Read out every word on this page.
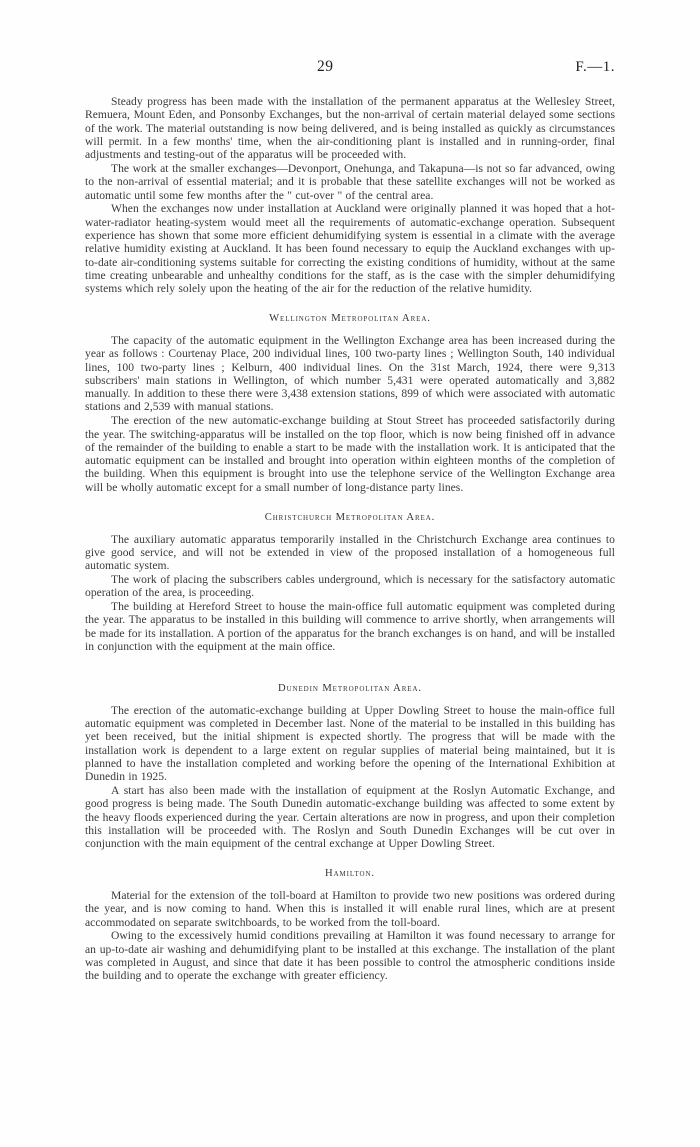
29	F.—1.

Steady progress has been made with the installation of the permanent apparatus at the Wellesley Street, Remuera, Mount Eden, and Ponsonby Exchanges, but the non-arrival of certain material delayed some sections of the work. The material outstanding is now being delivered, and is being installed as quickly as circumstances will permit. In a few months' time, when the air-conditioning plant is installed and in running-order, final adjustments and testing-out of the apparatus will be proceeded with.

The work at the smaller exchanges—Devonport, Onehunga, and Takapuna—is not so far advanced, owing to the non-arrival of essential material; and it is probable that these satellite exchanges will not be worked as automatic until some few months after the " cut-over " of the central area.

When the exchanges now under installation at Auckland were originally planned it was hoped that a hot-water-radiator heating-system would meet all the requirements of automatic-exchange operation. Subsequent experience has shown that some more efficient dehumidifying system is essential in a climate with the average relative humidity existing at Auckland. It has been found necessary to equip the Auckland exchanges with up-to-date air-conditioning systems suitable for correcting the existing conditions of humidity, without at the same time creating unbearable and unhealthy conditions for the staff, as is the case with the simpler dehumidifying systems which rely solely upon the heating of the air for the reduction of the relative humidity.

Wellington Metropolitan Area.

The capacity of the automatic equipment in the Wellington Exchange area has been increased during the year as follows : Courtenay Place, 200 individual lines, 100 two-party lines ; Wellington South, 140 individual lines, 100 two-party lines ; Kelburn, 400 individual lines. On the 31st March, 1924, there were 9,313 subscribers' main stations in Wellington, of which number 5,431 were operated automatically and 3,882 manually. In addition to these there were 3,438 extension stations, 899 of which were associated with automatic stations and 2,539 with manual stations.

The erection of the new automatic-exchange building at Stout Street has proceeded satisfactorily during the year. The switching-apparatus will be installed on the top floor, which is now being finished off in advance of the remainder of the building to enable a start to be made with the installation work. It is anticipated that the automatic equipment can be installed and brought into operation within eighteen months of the completion of the building. When this equipment is brought into use the telephone service of the Wellington Exchange area will be wholly automatic except for a small number of long-distance party lines.

Christchurch Metropolitan Area.

The auxiliary automatic apparatus temporarily installed in the Christchurch Exchange area continues to give good service, and will not be extended in view of the proposed installation of a homogeneous full automatic system.

The work of placing the subscribers cables underground, which is necessary for the satisfactory automatic operation of the area, is proceeding.

The building at Hereford Street to house the main-office full automatic equipment was completed during the year. The apparatus to be installed in this building will commence to arrive shortly, when arrangements will be made for its installation. A portion of the apparatus for the branch exchanges is on hand, and will be installed in conjunction with the equipment at the main office.

Dunedin Metropolitan Area.

The erection of the automatic-exchange building at Upper Dowling Street to house the main-office full automatic equipment was completed in December last. None of the material to be installed in this building has yet been received, but the initial shipment is expected shortly. The progress that will be made with the installation work is dependent to a large extent on regular supplies of material being maintained, but it is planned to have the installation completed and working before the opening of the International Exhibition at Dunedin in 1925.

A start has also been made with the installation of equipment at the Roslyn Automatic Exchange, and good progress is being made. The South Dunedin automatic-exchange building was affected to some extent by the heavy floods experienced during the year. Certain alterations are now in progress, and upon their completion this installation will be proceeded with. The Roslyn and South Dunedin Exchanges will be cut over in conjunction with the main equipment of the central exchange at Upper Dowling Street.

Hamilton.

Material for the extension of the toll-board at Hamilton to provide two new positions was ordered during the year, and is now coming to hand. When this is installed it will enable rural lines, which are at present accommodated on separate switchboards, to be worked from the toll-board.

Owing to the excessively humid conditions prevailing at Hamilton it was found necessary to arrange for an up-to-date air washing and dehumidifying plant to be installed at this exchange. The installation of the plant was completed in August, and since that date it has been possible to control the atmospheric conditions inside the building and to operate the exchange with greater efficiency.
